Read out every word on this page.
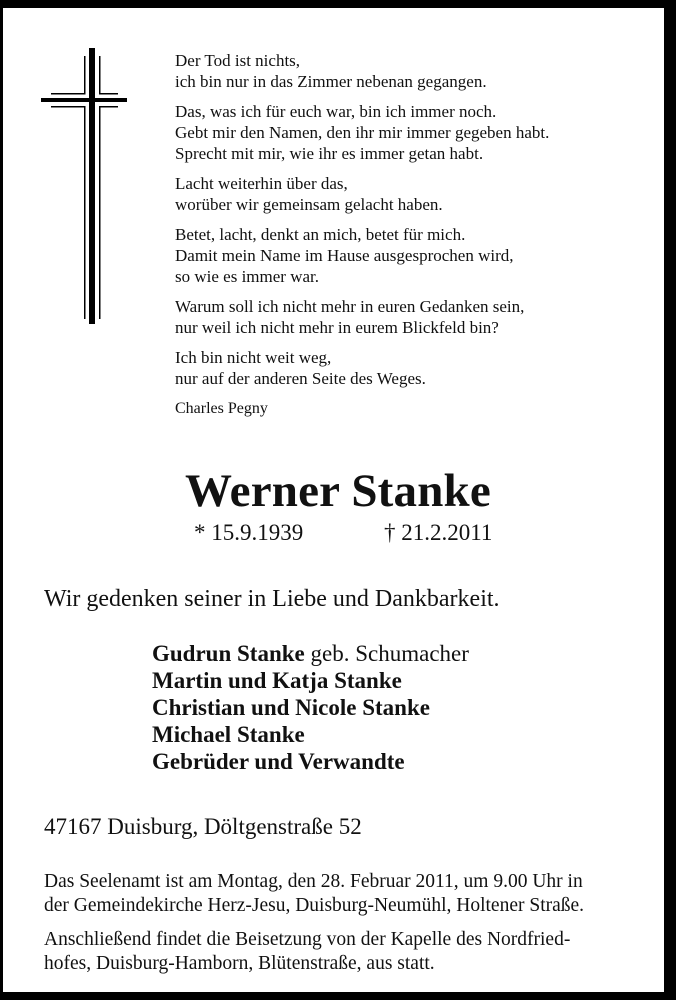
Der Tod ist nichts,
ich bin nur in das Zimmer nebenan gegangen.
Das, was ich für euch war, bin ich immer noch.
Gebt mir den Namen, den ihr mir immer gegeben habt.
Sprecht mit mir, wie ihr es immer getan habt.
Lacht weiterhin über das,
worüber wir gemeinsam gelacht haben.
Betet, lacht, denkt an mich, betet für mich.
Damit mein Name im Hause ausgesprochen wird,
so wie es immer war.
Warum soll ich nicht mehr in euren Gedanken sein,
nur weil ich nicht mehr in eurem Blickfeld bin?
Ich bin nicht weit weg,
nur auf der anderen Seite des Weges.
Charles Pegny
Werner Stanke
* 15.9.1939	† 21.2.2011
Wir gedenken seiner in Liebe und Dankbarkeit.
Gudrun Stanke geb. Schumacher
Martin und Katja Stanke
Christian und Nicole Stanke
Michael Stanke
Gebrüder und Verwandte
47167 Duisburg, Döltgenstraße 52
Das Seelenamt ist am Montag, den 28. Februar 2011, um 9.00 Uhr in
der Gemeindekirche Herz-Jesu, Duisburg-Neumühl, Holtener Straße.
Anschließend findet die Beisetzung von der Kapelle des Nordfried-
hofes, Duisburg-Hamborn, Blütenstraße, aus statt.
